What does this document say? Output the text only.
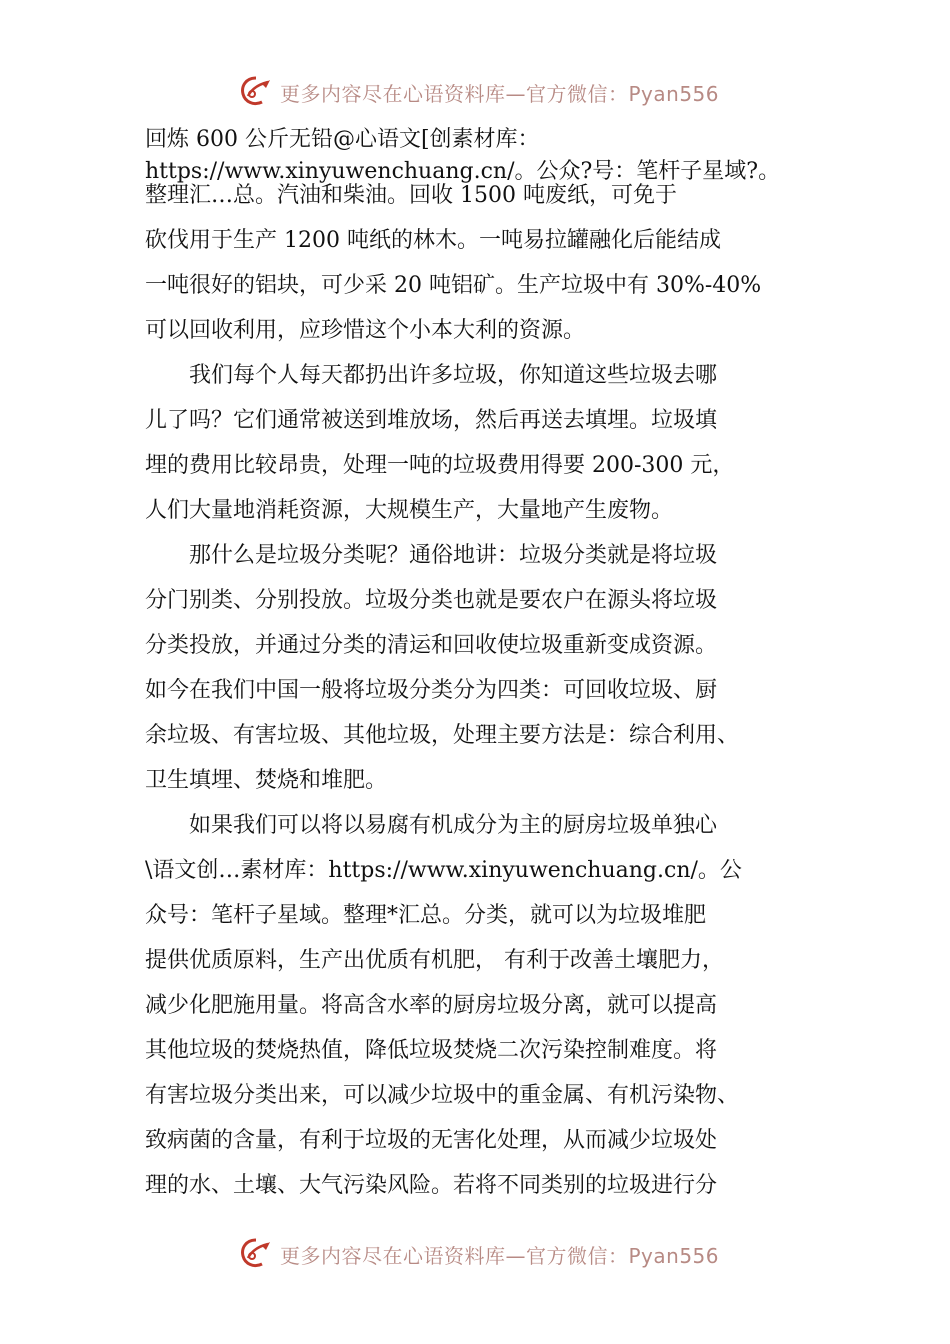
更多内容尽在心语资料库—官方微信：Pyan556
回炼 600 公斤无铅@心语文[创素材库：
https://www.xinyuwenchuang.cn/。公众?号：笔杆子星域?。
整理汇…总。汽油和柴油。回收 1500 吨废纸，可免于
砍伐用于生产 1200 吨纸的林木。一吨易拉罐融化后能结成
一吨很好的铝块，可少采 20 吨铝矿。生产垃圾中有 30%-40%
可以回收利用，应珍惜这个小本大利的资源。
　　我们每个人每天都扔出许多垃圾，你知道这些垃圾去哪
儿了吗？它们通常被送到堆放场，然后再送去填埋。垃圾填
埋的费用比较昂贵，处理一吨的垃圾费用得要 200-300 元，
人们大量地消耗资源，大规模生产，大量地产生废物。
　　那什么是垃圾分类呢？通俗地讲：垃圾分类就是将垃圾
分门别类、分别投放。垃圾分类也就是要农户在源头将垃圾
分类投放，并通过分类的清运和回收使垃圾重新变成资源。
如今在我们中国一般将垃圾分类分为四类：可回收垃圾、厨
余垃圾、有害垃圾、其他垃圾，处理主要方法是：综合利用、
卫生填埋、焚烧和堆肥。
　　如果我们可以将以易腐有机成分为主的厨房垃圾单独心
\语文创…素材库：https://www.xinyuwenchuang.cn/。公
众号：笔杆子星域。整理*汇总。分类，就可以为垃圾堆肥
提供优质原料，生产出优质有机肥， 有利于改善土壤肥力，
减少化肥施用量。将高含水率的厨房垃圾分离，就可以提高
其他垃圾的焚烧热值，降低垃圾焚烧二次污染控制难度。将
有害垃圾分类出来，可以减少垃圾中的重金属、有机污染物、
致病菌的含量，有利于垃圾的无害化处理，从而减少垃圾处
理的水、土壤、大气污染风险。若将不同类别的垃圾进行分
更多内容尽在心语资料库—官方微信：Pyan556
